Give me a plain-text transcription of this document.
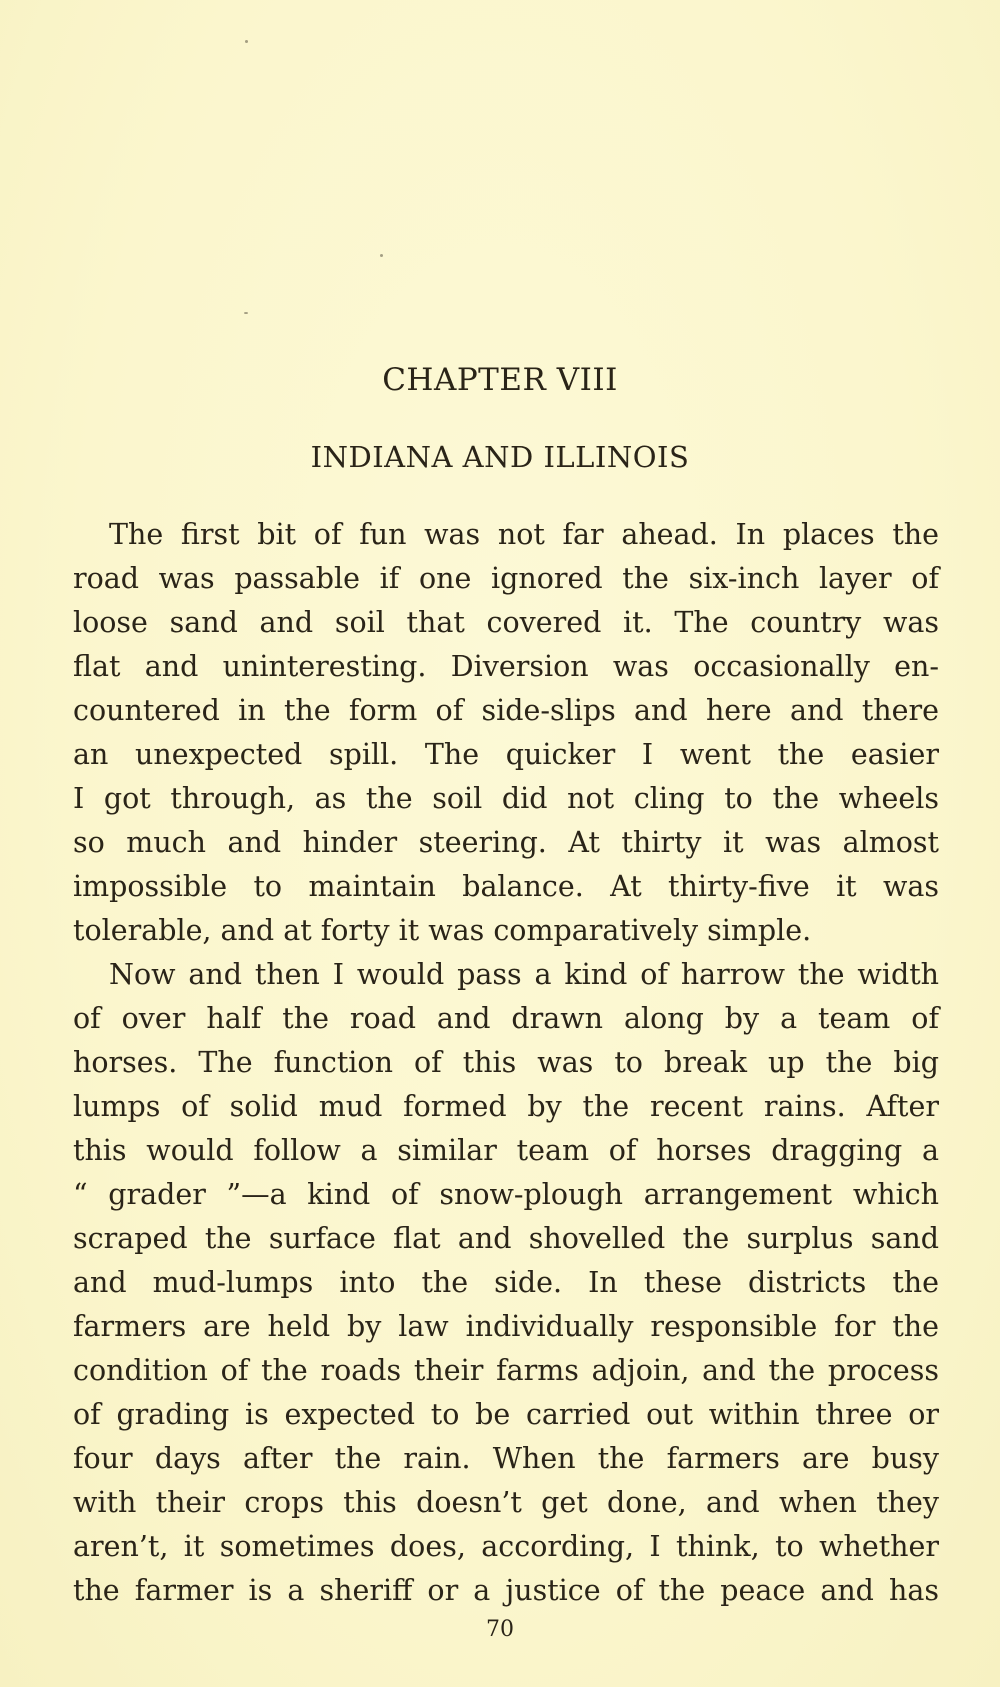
CHAPTER VIII
INDIANA AND ILLINOIS
The first bit of fun was not far ahead. In places the
road was passable if one ignored the six-inch layer of
loose sand and soil that covered it. The country was
flat and uninteresting. Diversion was occasionally en-
countered in the form of side-slips and here and there
an unexpected spill. The quicker I went the easier
I got through, as the soil did not cling to the wheels
so much and hinder steering. At thirty it was almost
impossible to maintain balance. At thirty-five it was
tolerable, and at forty it was comparatively simple.
Now and then I would pass a kind of harrow the width
of over half the road and drawn along by a team of
horses. The function of this was to break up the big
lumps of solid mud formed by the recent rains. After
this would follow a similar team of horses dragging a
“ grader ”—a kind of snow-plough arrangement which
scraped the surface flat and shovelled the surplus sand
and mud-lumps into the side. In these districts the
farmers are held by law individually responsible for the
condition of the roads their farms adjoin, and the process
of grading is expected to be carried out within three or
four days after the rain. When the farmers are busy
with their crops this doesn’t get done, and when they
aren’t, it sometimes does, according, I think, to whether
the farmer is a sheriff or a justice of the peace and has
70
